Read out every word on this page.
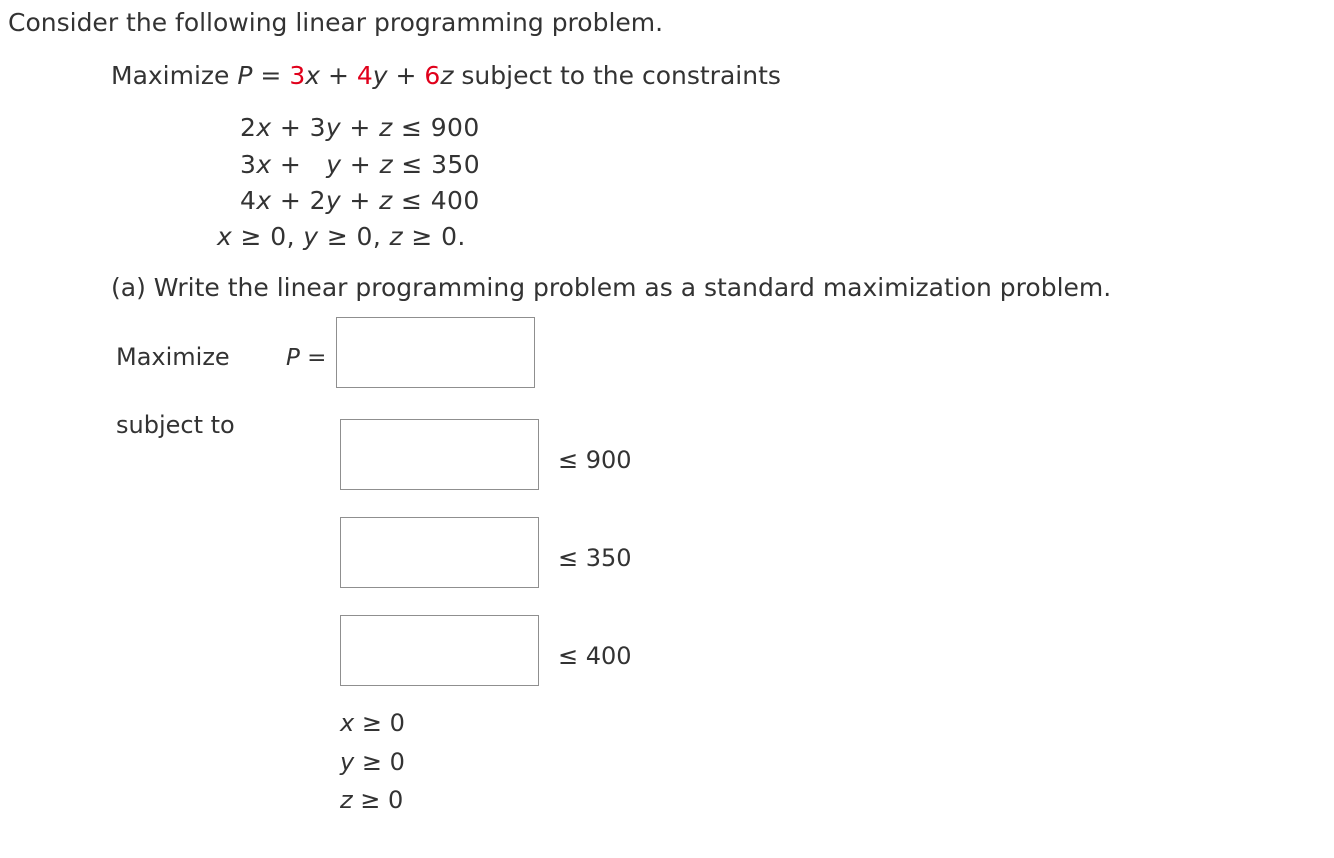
Consider the following linear programming problem.
Maximize P = 3x + 4y + 6z subject to the constraints
2x + 3y + z ≤ 900
3x +   y + z ≤ 350
4x + 2y + z ≤ 400
x ≥ 0, y ≥ 0, z ≥ 0.
(a) Write the linear programming problem as a standard maximization problem.
Maximize P =
subject to
≤ 900
≤ 350
≤ 400
x ≥ 0
y ≥ 0
z ≥ 0
